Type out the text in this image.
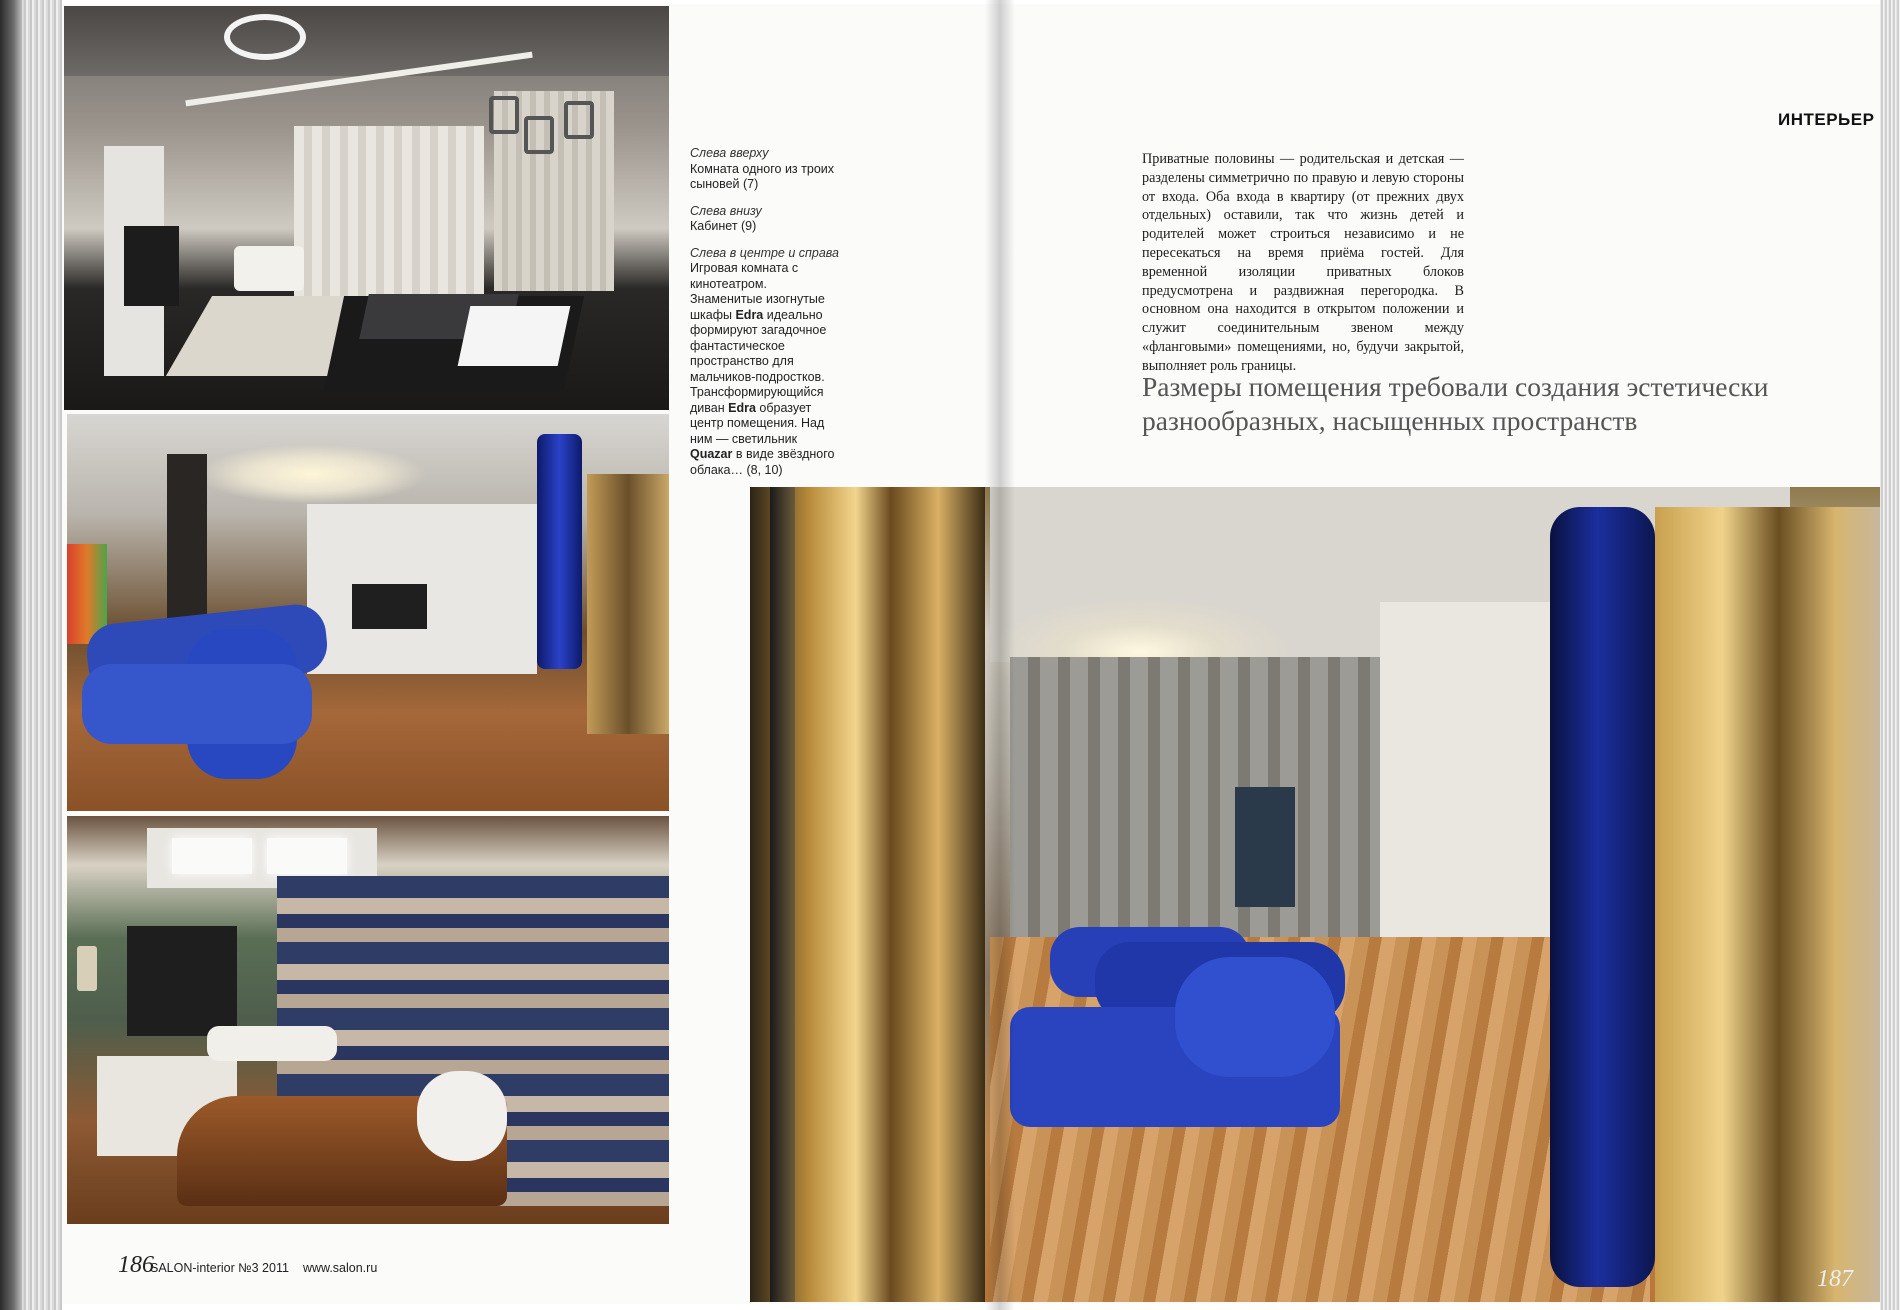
Слева вверху
Комната одного из троих сыновей (7)
Слева внизу
Кабинет (9)
Слева в центре и справа Игровая комната с кинотеатром. Знаменитые изогнутые шкафы Edra идеально формируют загадочное фантастическое пространство для мальчиков-подростков. Трансформирующийся диван Edra образует центр помещения. Над ним — светильник Quazar в виде звёздного облака… (8, 10)
ИНТЕРЬЕР
Приватные половины — родительская и детская — разделены симметрично по правую и левую стороны от входа. Оба входа в квартиру (от прежних двух отдельных) оставили, так что жизнь детей и родителей может строиться независимо и не пересекаться на время приёма гостей. Для временной изоляции приватных блоков предусмотрена и раздвижная перегородка. В основном она находится в открытом положении и служит соединительным звеном между «фланговыми» помещениями, но, будучи закрытой, выполняет роль границы.
Размеры помещения требовали создания эстетически разнообразных, насыщенных пространств
186
SALON-interior №3 2011 www.salon.ru	187
